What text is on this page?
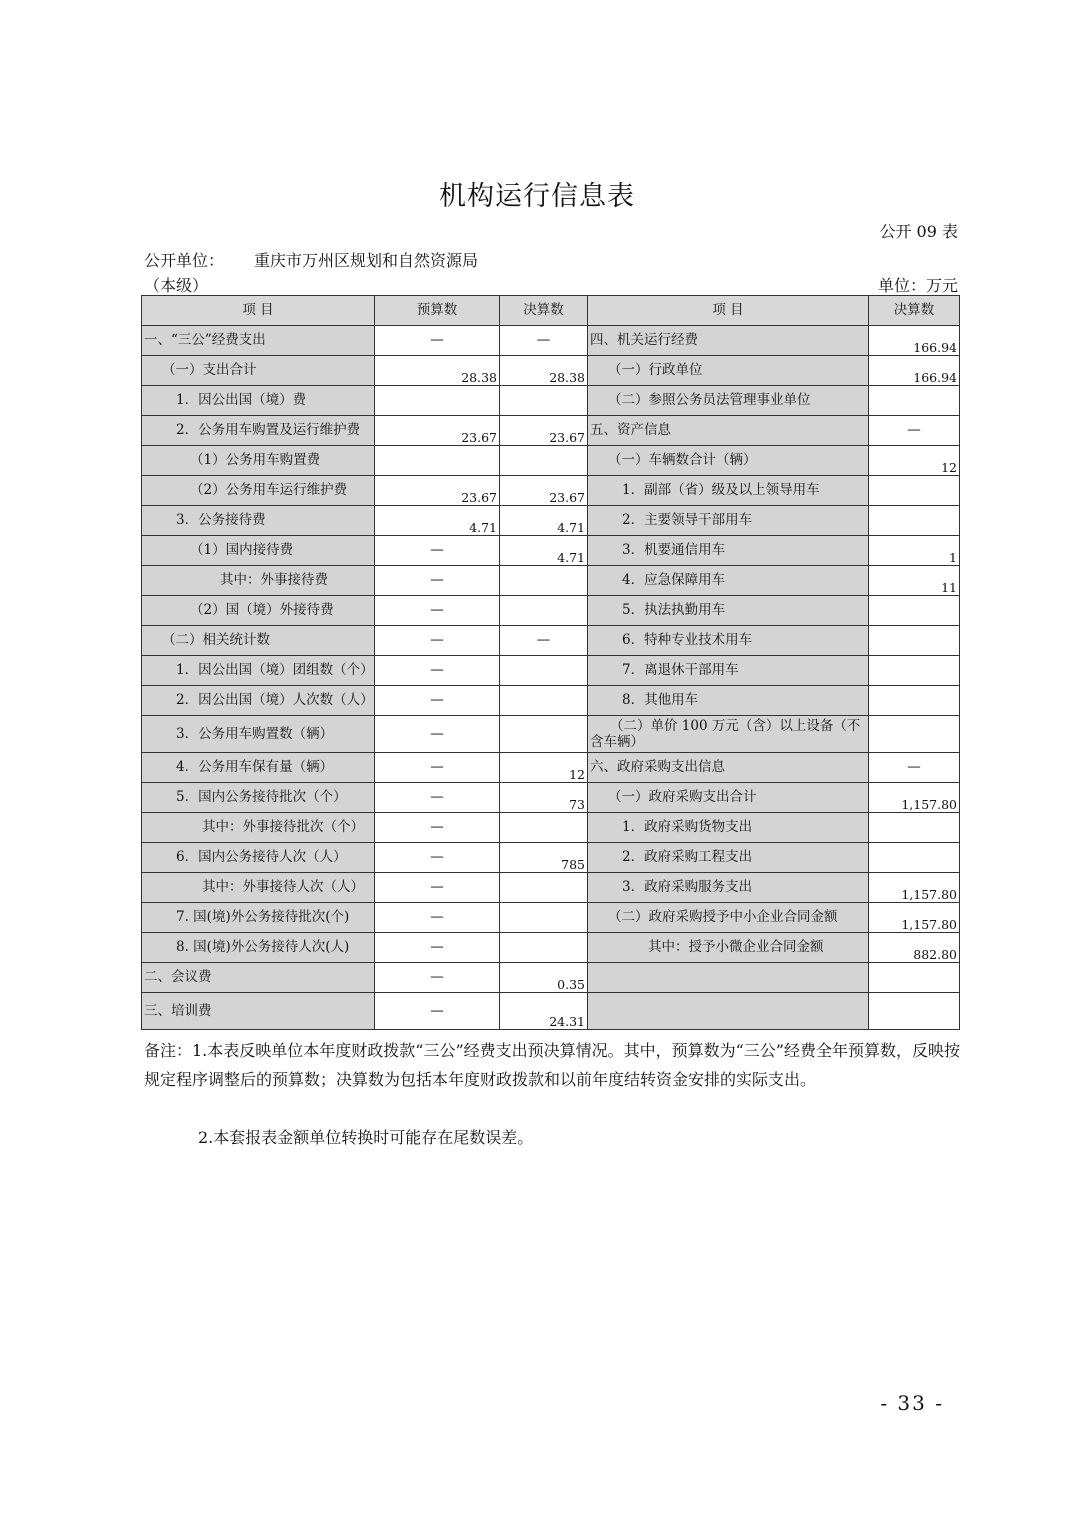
机构运行信息表
公开 09 表
公开单位： 重庆市万州区规划和自然资源局
（本级）	单位：万元
项 目	预算数	决算数	项 目	决算数
一、“三公”经费支出	—	—	四、机关运行经费	166.94
（一）支出合计	28.38	28.38	（一）行政单位	166.94
1．因公出国（境）费			（二）参照公务员法管理事业单位	
2．公务用车购置及运行维护费	23.67	23.67	五、资产信息	—
（1）公务用车购置费			（一）车辆数合计（辆）	12
（2）公务用车运行维护费	23.67	23.67	1．副部（省）级及以上领导用车	
3．公务接待费	4.71	4.71	2．主要领导干部用车	
（1）国内接待费	—	4.71	3．机要通信用车	1
其中：外事接待费	—		4．应急保障用车	11
（2）国（境）外接待费	—		5．执法执勤用车	
（二）相关统计数	—	—	6．特种专业技术用车	
1．因公出国（境）团组数（个）	—		7．离退休干部用车	
2．因公出国（境）人次数（人）	—		8．其他用车	
3．公务用车购置数（辆）	—		（二）单价 100 万元（含）以上设备（不含车辆）	
4．公务用车保有量（辆）	—	12	六、政府采购支出信息	—
5．国内公务接待批次（个）	—	73	（一）政府采购支出合计	1,157.80
其中：外事接待批次（个）	—		1．政府采购货物支出	
6．国内公务接待人次（人）	—	785	2．政府采购工程支出	
其中：外事接待人次（人）	—		3．政府采购服务支出	1,157.80
7. 国(境)外公务接待批次(个)	—		（二）政府采购授予中小企业合同金额	1,157.80
8. 国(境)外公务接待人次(人)	—		其中：授予小微企业合同金额	882.80
二、会议费	—	0.35		
三、培训费	—	24.31		
备注：1.本表反映单位本年度财政拨款“三公”经费支出预决算情况。其中，预算数为“三公”经费全年预算数，反映按规定程序调整后的预算数；决算数为包括本年度财政拨款和以前年度结转资金安排的实际支出。
2.本套报表金额单位转换时可能存在尾数误差。
- 33 -
